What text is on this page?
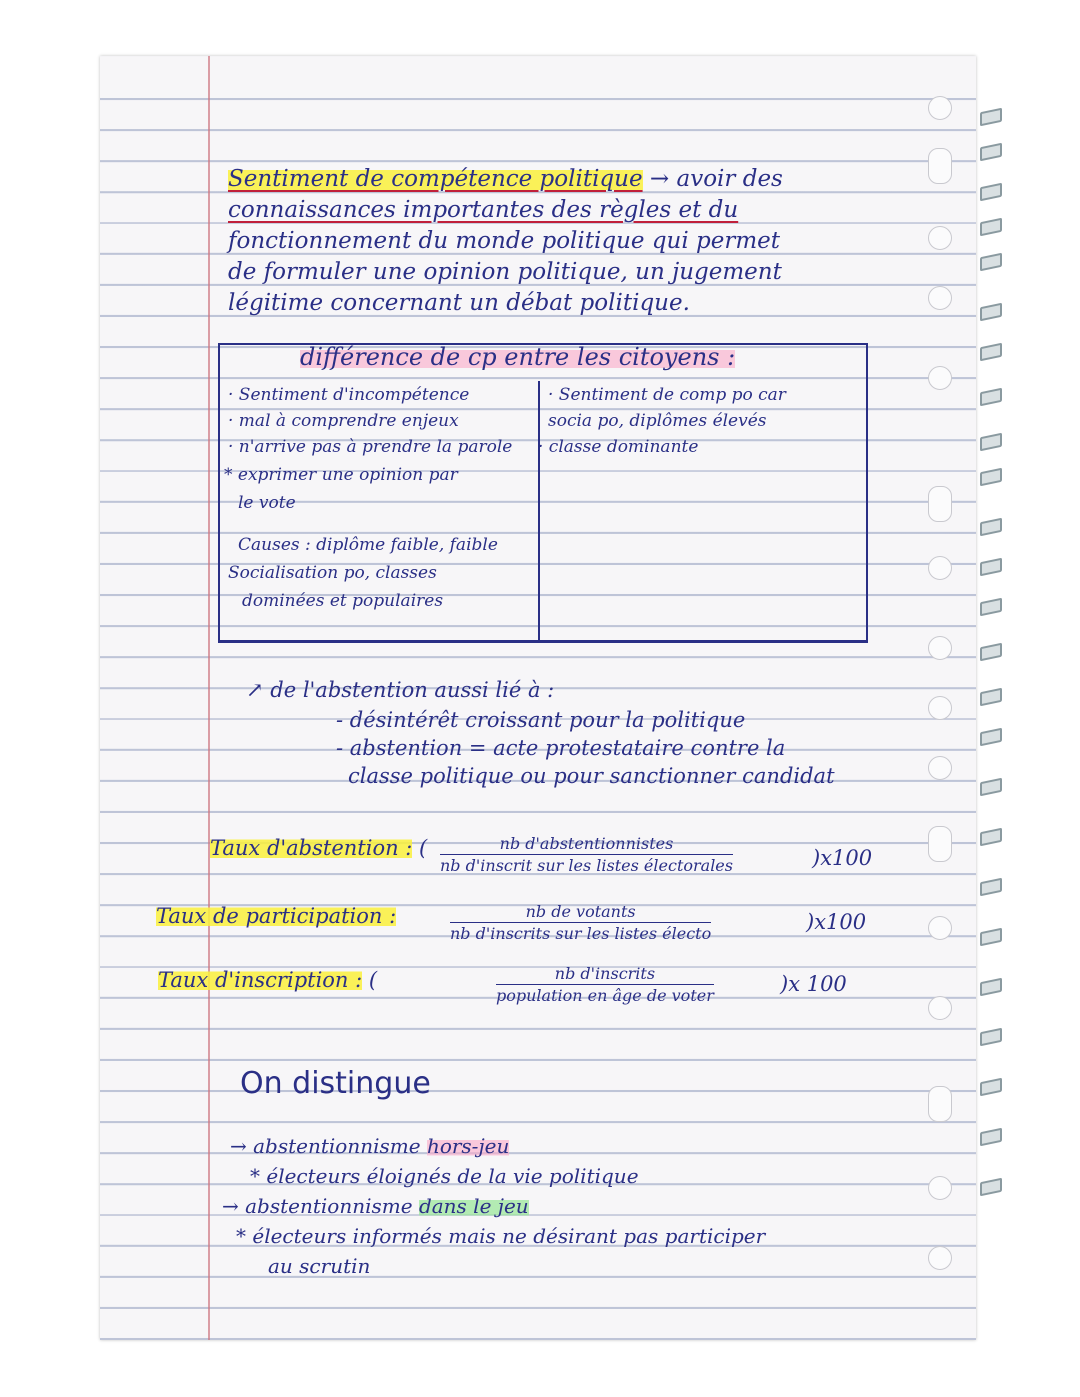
Sentiment de compétence politique → avoir des
connaissances importantes des règles et du
fonctionnement du monde politique qui permet
de formuler une opinion politique, un jugement
légitime concernant un débat politique.
différence de cp entre les citoyens :
· Sentiment d'incompétence
· mal à comprendre enjeux
· n'arrive pas à prendre la parole
* exprimer une opinion par
le vote
Causes : diplôme faible, faible
Socialisation po, classes
dominées et populaires
· Sentiment de comp po car
socia po, diplômes élevés
· classe dominante
↗ de l'abstention aussi lié à :
- désintérêt croissant pour la politique
- abstention = acte protestataire contre la
classe politique ou pour sanctionner candidat
Taux d'abstention : (	nb d'abstentionnistes
nb d'inscrit sur les listes électorales	)x100
Taux de participation :	nb de votants
nb d'inscrits sur les listes électo	)x100
Taux d'inscription : (	nb d'inscrits
population en âge de voter	)x 100
On distingue
→ abstentionnisme hors-jeu
* électeurs éloignés de la vie politique
→ abstentionnisme dans le jeu
* électeurs informés mais ne désirant pas participer
au scrutin
